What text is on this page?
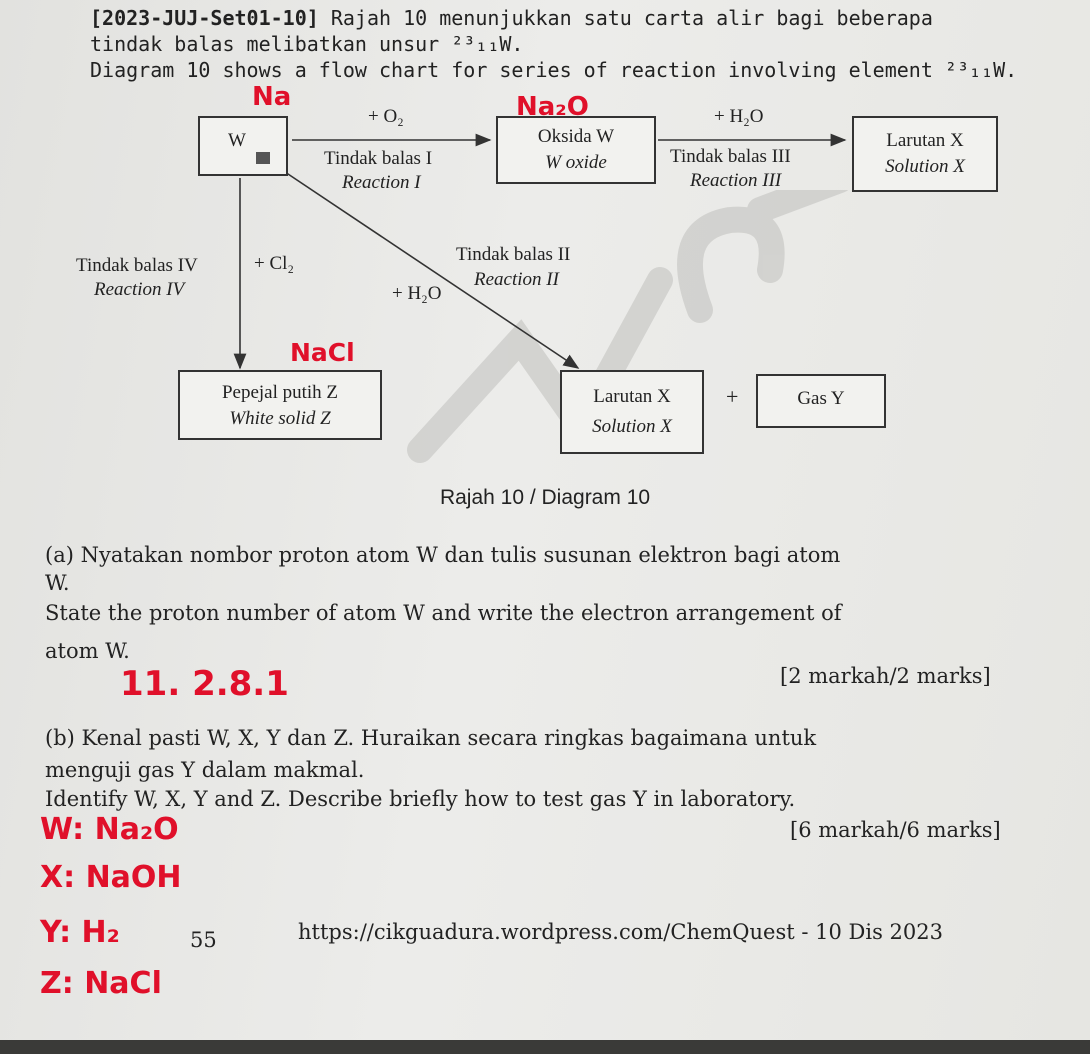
[2023-JUJ-Set01-10] Rajah 10 menunjukkan satu carta alir bagi beberapa
tindak balas melibatkan unsur ²³₁₁W.
Diagram 10 shows a flow chart for series of reaction involving element ²³₁₁W.
W	Oksida W
W oxide
Larutan X
Solution X
Pepejal putih Z
White solid Z
Larutan X
Solution X
+	Gas Y
+ O₂
Tindak balas I
Reaction I
+ H₂O
Tindak balas III
Reaction III
Tindak balas IV
Reaction IV
+ Cl₂	Tindak balas II
Reaction II
+ H₂O
Rajah 10 / Diagram 10
Na	Na₂O
NaCl
(a) Nyatakan nombor proton atom W dan tulis susunan elektron bagi atom
W.
State the proton number of atom W and write the electron arrangement of
atom W.
[2 markah/2 marks]
11. 2.8.1
(b) Kenal pasti W, X, Y dan Z. Huraikan secara ringkas bagaimana untuk
menguji gas Y dalam makmal.
Identify W, X, Y and Z. Describe briefly how to test gas Y in laboratory.
[6 markah/6 marks]
W: Na₂O
X: NaOH
Y: H₂
Z: NaCl
55	https://cikguadura.wordpress.com/ChemQuest - 10 Dis 2023
